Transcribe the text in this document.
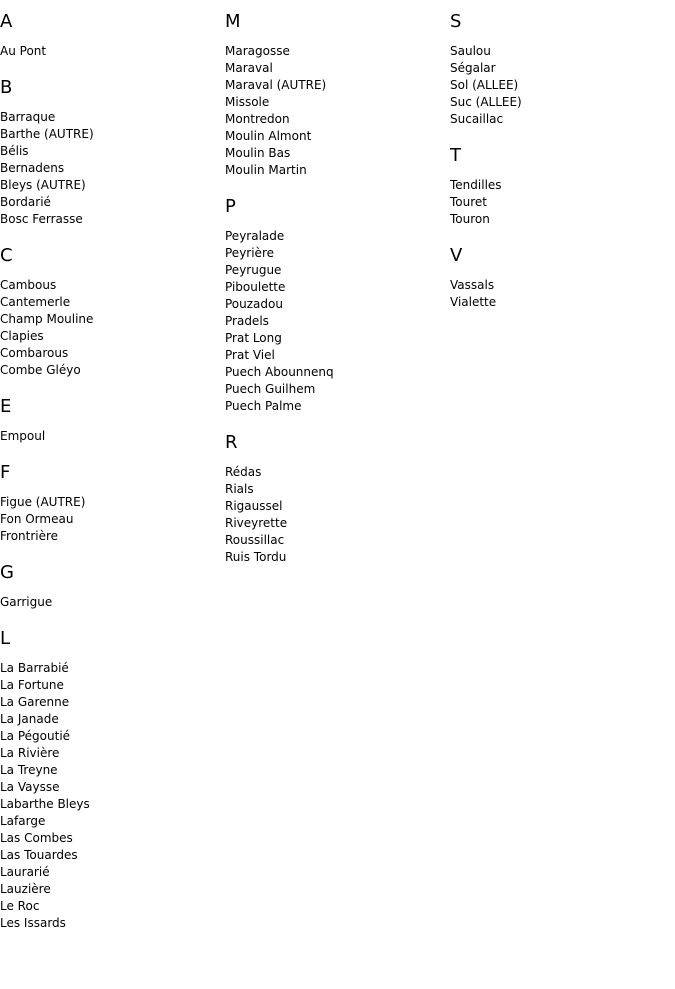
A
Au Pont
B
Barraque
Barthe (AUTRE)
Bélis
Bernadens
Bleys (AUTRE)
Bordarié
Bosc Ferrasse
C
Cambous
Cantemerle
Champ Mouline
Clapies
Combarous
Combe Gléyo
E
Empoul
F
Figue (AUTRE)
Fon Ormeau
Frontrière
G
Garrigue
L
La Barrabié
La Fortune
La Garenne
La Janade
La Pégoutié
La Rivière
La Treyne
La Vaysse
Labarthe Bleys
Lafarge
Las Combes
Las Touardes
Laurarié
Lauzière
Le Roc
Les Issards
M
Maragosse
Maraval
Maraval (AUTRE)
Missole
Montredon
Moulin Almont
Moulin Bas
Moulin Martin
P
Peyralade
Peyrière
Peyrugue
Piboulette
Pouzadou
Pradels
Prat Long
Prat Viel
Puech Abounnenq
Puech Guilhem
Puech Palme
R
Rédas
Rials
Rigaussel
Riveyrette
Roussillac
Ruis Tordu
S
Saulou
Ségalar
Sol (ALLEE)
Suc (ALLEE)
Sucaillac
T
Tendilles
Touret
Touron
V
Vassals
Vialette
